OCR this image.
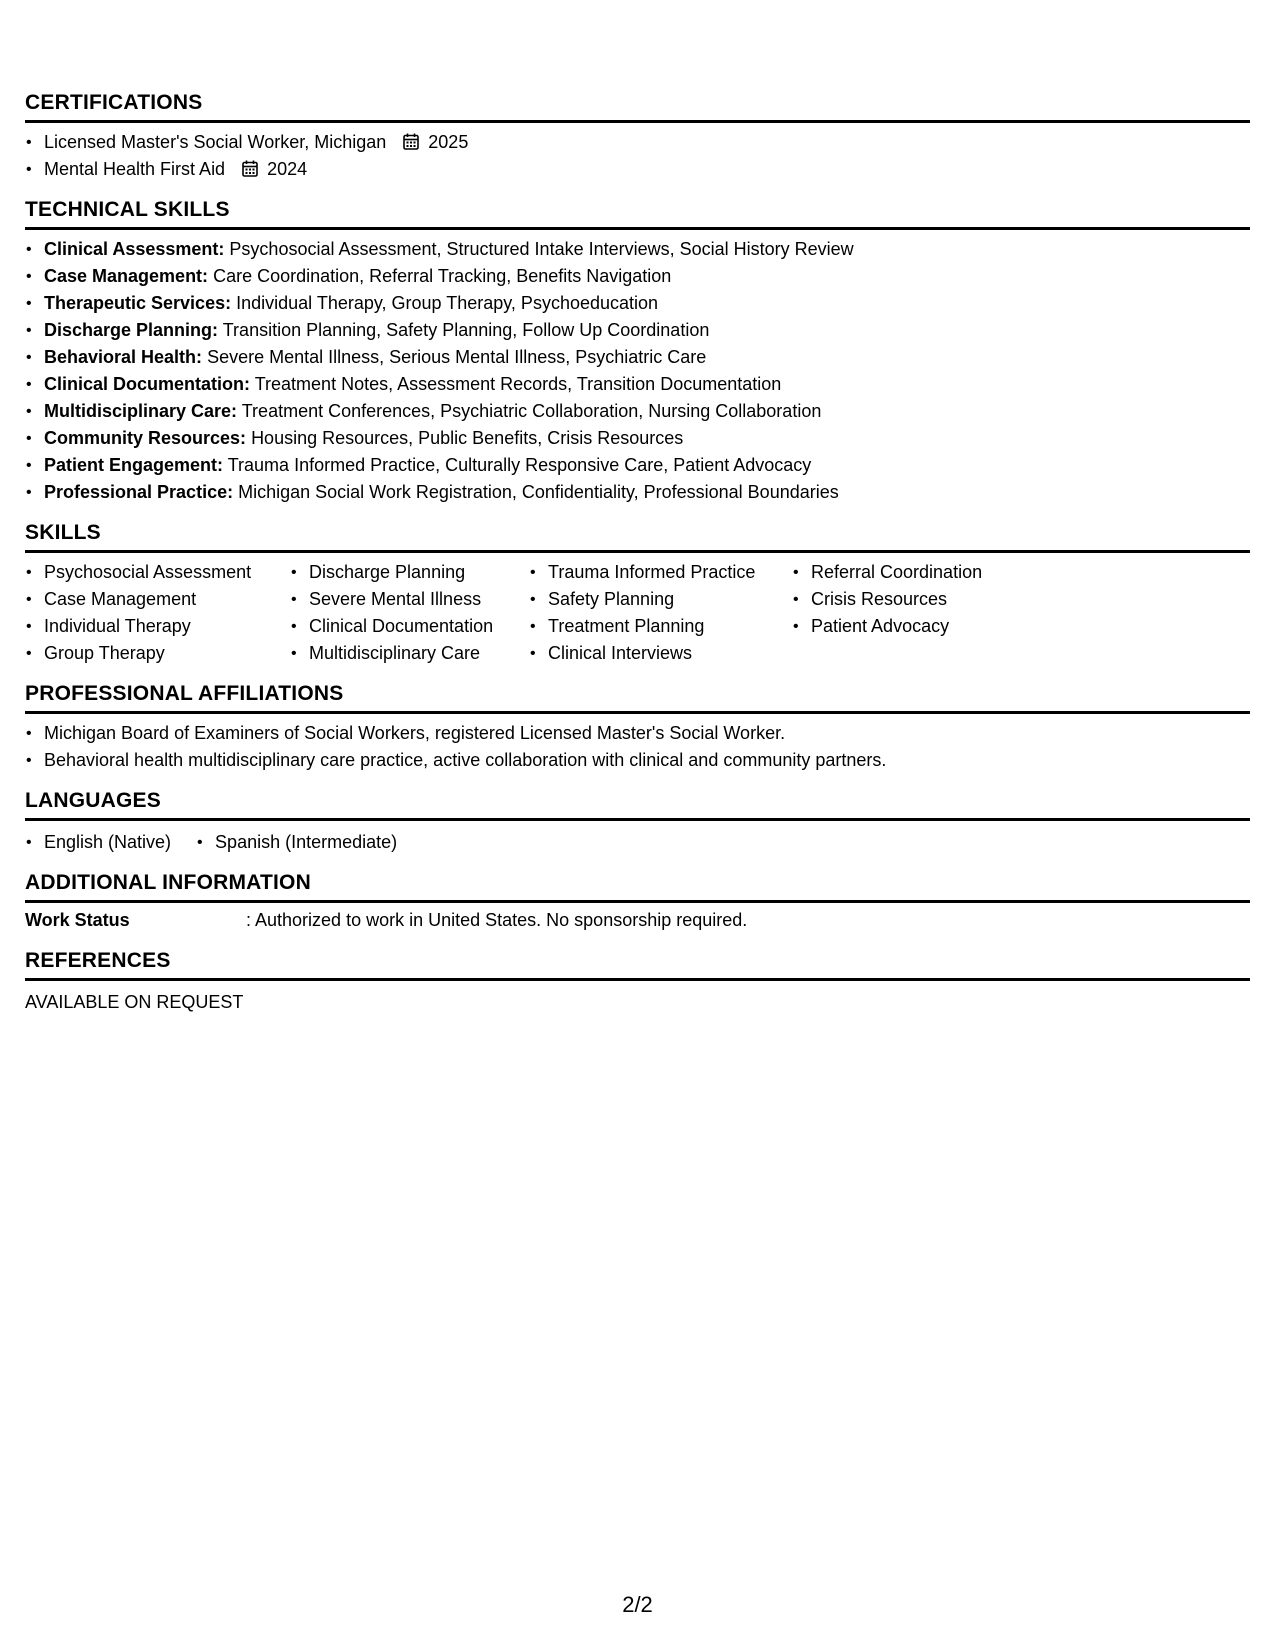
CERTIFICATIONS
• Licensed Master's Social Worker, Michigan 2025
• Mental Health First Aid 2024
TECHNICAL SKILLS
• Clinical Assessment: Psychosocial Assessment, Structured Intake Interviews, Social History Review
• Case Management: Care Coordination, Referral Tracking, Benefits Navigation
• Therapeutic Services: Individual Therapy, Group Therapy, Psychoeducation
• Discharge Planning: Transition Planning, Safety Planning, Follow Up Coordination
• Behavioral Health: Severe Mental Illness, Serious Mental Illness, Psychiatric Care
• Clinical Documentation: Treatment Notes, Assessment Records, Transition Documentation
• Multidisciplinary Care: Treatment Conferences, Psychiatric Collaboration, Nursing Collaboration
• Community Resources: Housing Resources, Public Benefits, Crisis Resources
• Patient Engagement: Trauma Informed Practice, Culturally Responsive Care, Patient Advocacy
• Professional Practice: Michigan Social Work Registration, Confidentiality, Professional Boundaries
SKILLS
• Psychosocial Assessment
• Case Management
• Individual Therapy
• Group Therapy
• Discharge Planning
• Severe Mental Illness
• Clinical Documentation
• Multidisciplinary Care
• Trauma Informed Practice
• Safety Planning
• Treatment Planning
• Clinical Interviews
• Referral Coordination
• Crisis Resources
• Patient Advocacy
PROFESSIONAL AFFILIATIONS
• Michigan Board of Examiners of Social Workers, registered Licensed Master's Social Worker.
• Behavioral health multidisciplinary care practice, active collaboration with clinical and community partners.
LANGUAGES
• English (Native) • Spanish (Intermediate)
ADDITIONAL INFORMATION
Work Status	: Authorized to work in United States. No sponsorship required.
REFERENCES
AVAILABLE ON REQUEST
2/2
